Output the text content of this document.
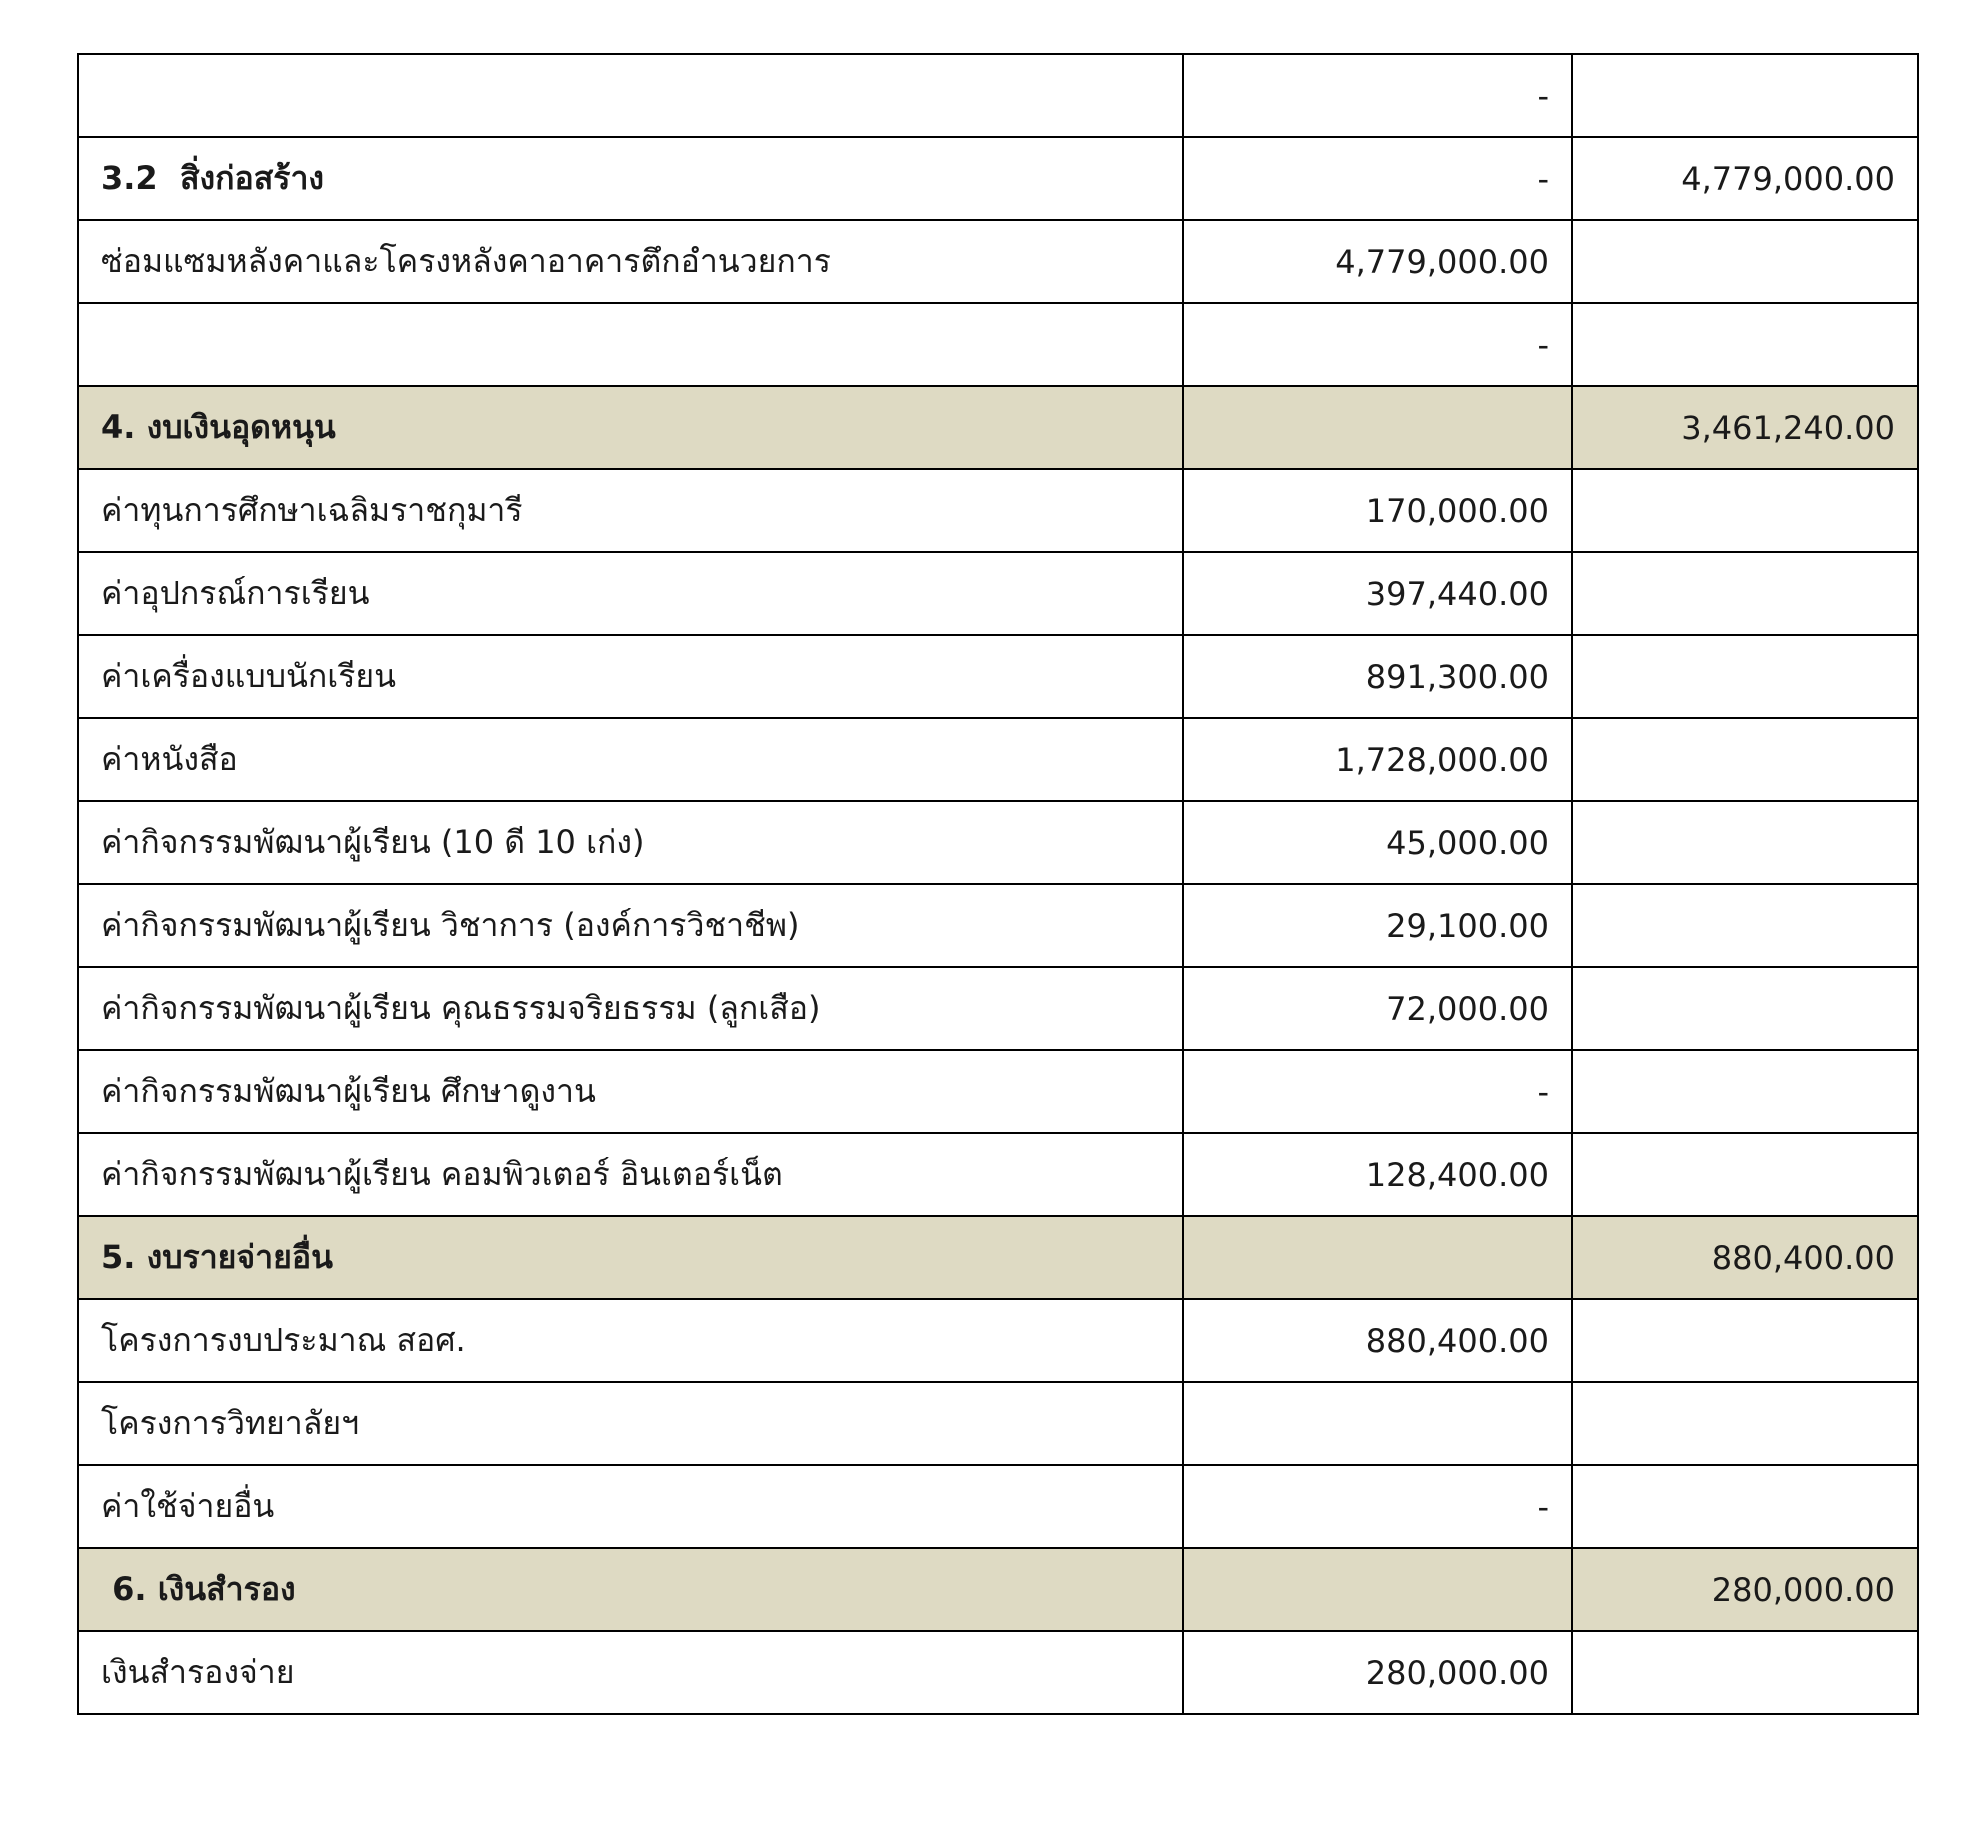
	-	
3.2  สิ่งก่อสร้าง	-	4,779,000.00
ซ่อมแซมหลังคาและโครงหลังคาอาคารตึกอำนวยการ	4,779,000.00	
	-	
4. งบเงินอุดหนุน		3,461,240.00
ค่าทุนการศึกษาเฉลิมราชกุมารี	170,000.00	
ค่าอุปกรณ์การเรียน	397,440.00	
ค่าเครื่องแบบนักเรียน	891,300.00	
ค่าหนังสือ	1,728,000.00	
ค่ากิจกรรมพัฒนาผู้เรียน (10 ดี 10 เก่ง)	45,000.00	
ค่ากิจกรรมพัฒนาผู้เรียน วิชาการ (องค์การวิชาชีพ)	29,100.00	
ค่ากิจกรรมพัฒนาผู้เรียน คุณธรรมจริยธรรม (ลูกเสือ)	72,000.00	
ค่ากิจกรรมพัฒนาผู้เรียน ศึกษาดูงาน	-	
ค่ากิจกรรมพัฒนาผู้เรียน คอมพิวเตอร์ อินเตอร์เน็ต	128,400.00	
5. งบรายจ่ายอื่น		880,400.00
โครงการงบประมาณ สอศ.	880,400.00	
โครงการวิทยาลัยฯ		
ค่าใช้จ่ายอื่น	-	
6. เงินสำรอง		280,000.00
เงินสำรองจ่าย	280,000.00	
